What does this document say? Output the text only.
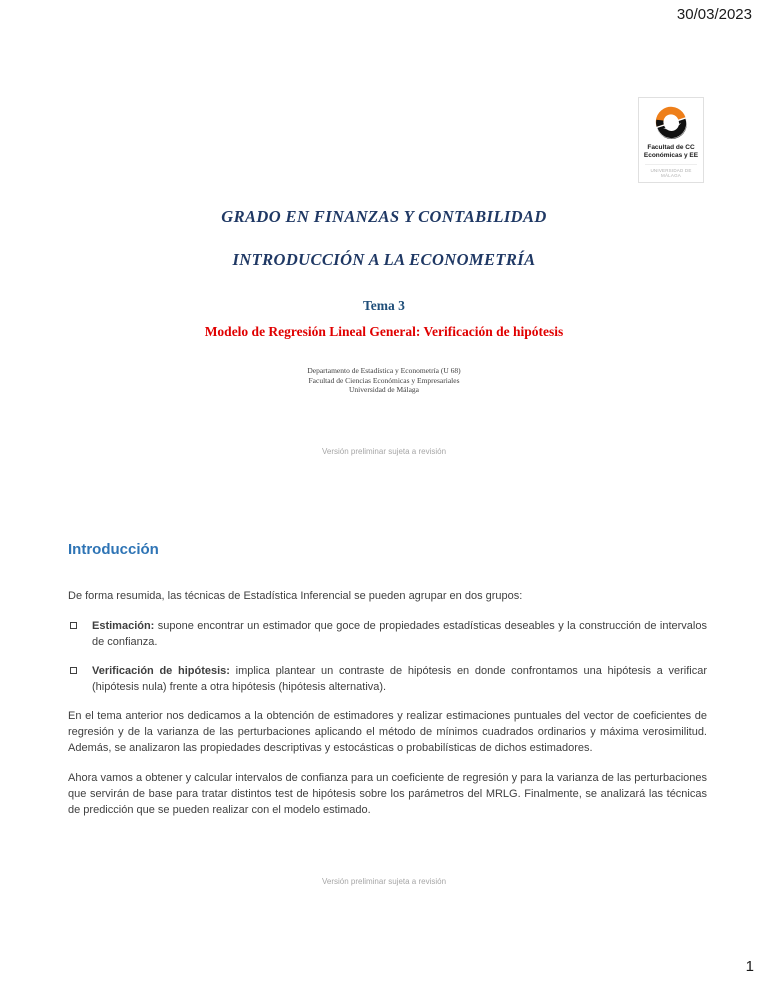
30/03/2023
Facultad de CC
Económicas y EE
UNIVERSIDAD DE MÁLAGA
GRADO EN FINANZAS Y CONTABILIDAD
INTRODUCCIÓN A LA ECONOMETRÍA
Tema 3
Modelo de Regresión Lineal General: Verificación de hipótesis
Departamento de Estadística y Econometría (U 68)
Facultad de Ciencias Económicas y Empresariales
Universidad de Málaga
Versión preliminar sujeta a revisión
Introducción
De forma resumida, las técnicas de Estadística Inferencial se pueden agrupar en dos grupos:
Estimación: supone encontrar un estimador que goce de propiedades estadísticas deseables y la construcción de intervalos de confianza.
Verificación de hipótesis: implica plantear un contraste de hipótesis en donde confrontamos una hipótesis a verificar (hipótesis nula) frente a otra hipótesis (hipótesis alternativa).
En el tema anterior nos dedicamos a la obtención de estimadores y realizar estimaciones puntuales del vector de coeficientes de regresión y de la varianza de las perturbaciones aplicando el método de mínimos cuadrados ordinarios y máxima verosimilitud. Además, se analizaron las propiedades descriptivas y estocásticas o probabilísticas de dichos estimadores.
Ahora vamos a obtener y calcular intervalos de confianza para un coeficiente de regresión y para la varianza de las perturbaciones que servirán de base para tratar distintos test de hipótesis sobre los parámetros del MRLG. Finalmente, se analizará las técnicas de predicción que se pueden realizar con el modelo estimado.
Versión preliminar sujeta a revisión
1
